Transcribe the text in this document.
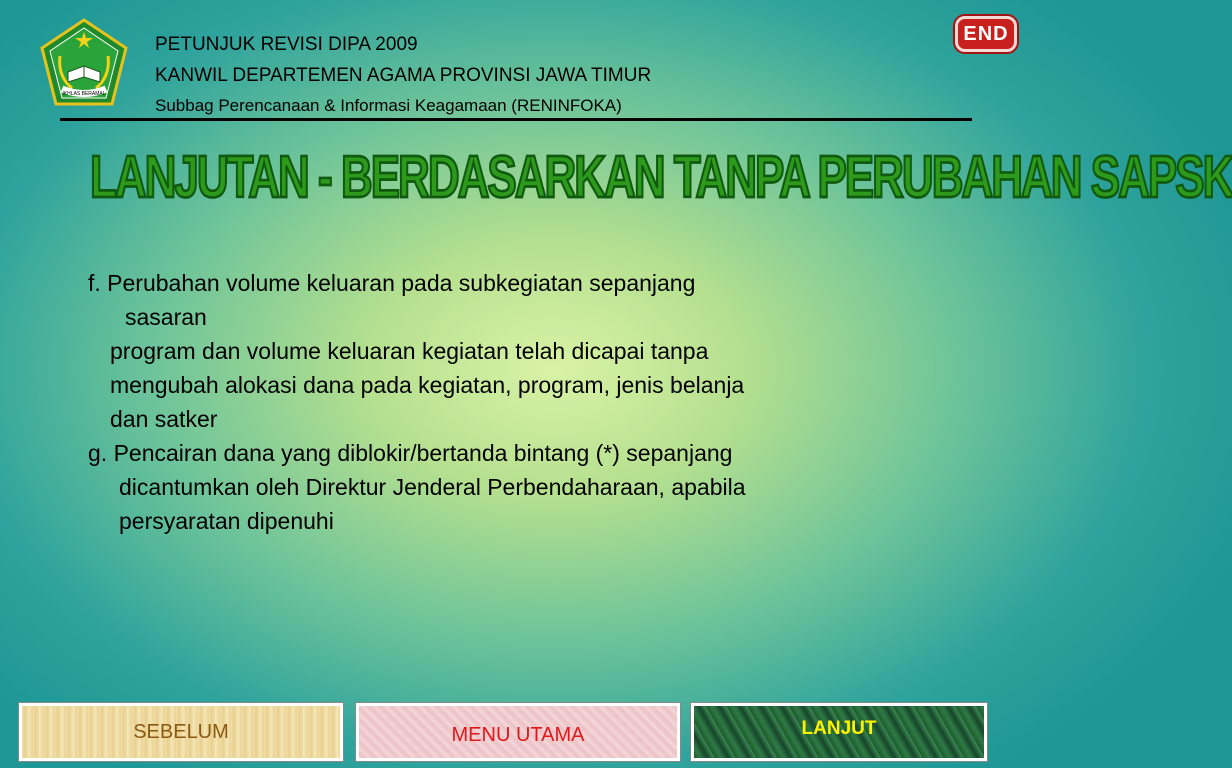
IKHLAS BERAMAL
PETUNJUK REVISI DIPA 2009
KANWIL DEPARTEMEN AGAMA PROVINSI JAWA TIMUR
Subbag Perencanaan & Informasi Keagamaan (RENINFOKA)
END
LANJUTAN - BERDASARKAN TANPA PERUBAHAN SAPSK
f. Perubahan volume keluaran pada subkegiatan sepanjang
sasaran
program dan volume keluaran kegiatan telah dicapai tanpa
mengubah alokasi dana pada kegiatan, program, jenis belanja
dan satker
g. Pencairan dana yang diblokir/bertanda bintang (*) sepanjang
dicantumkan oleh Direktur Jenderal Perbendaharaan, apabila
persyaratan dipenuhi
SEBELUM	MENU UTAMA	LANJUT
